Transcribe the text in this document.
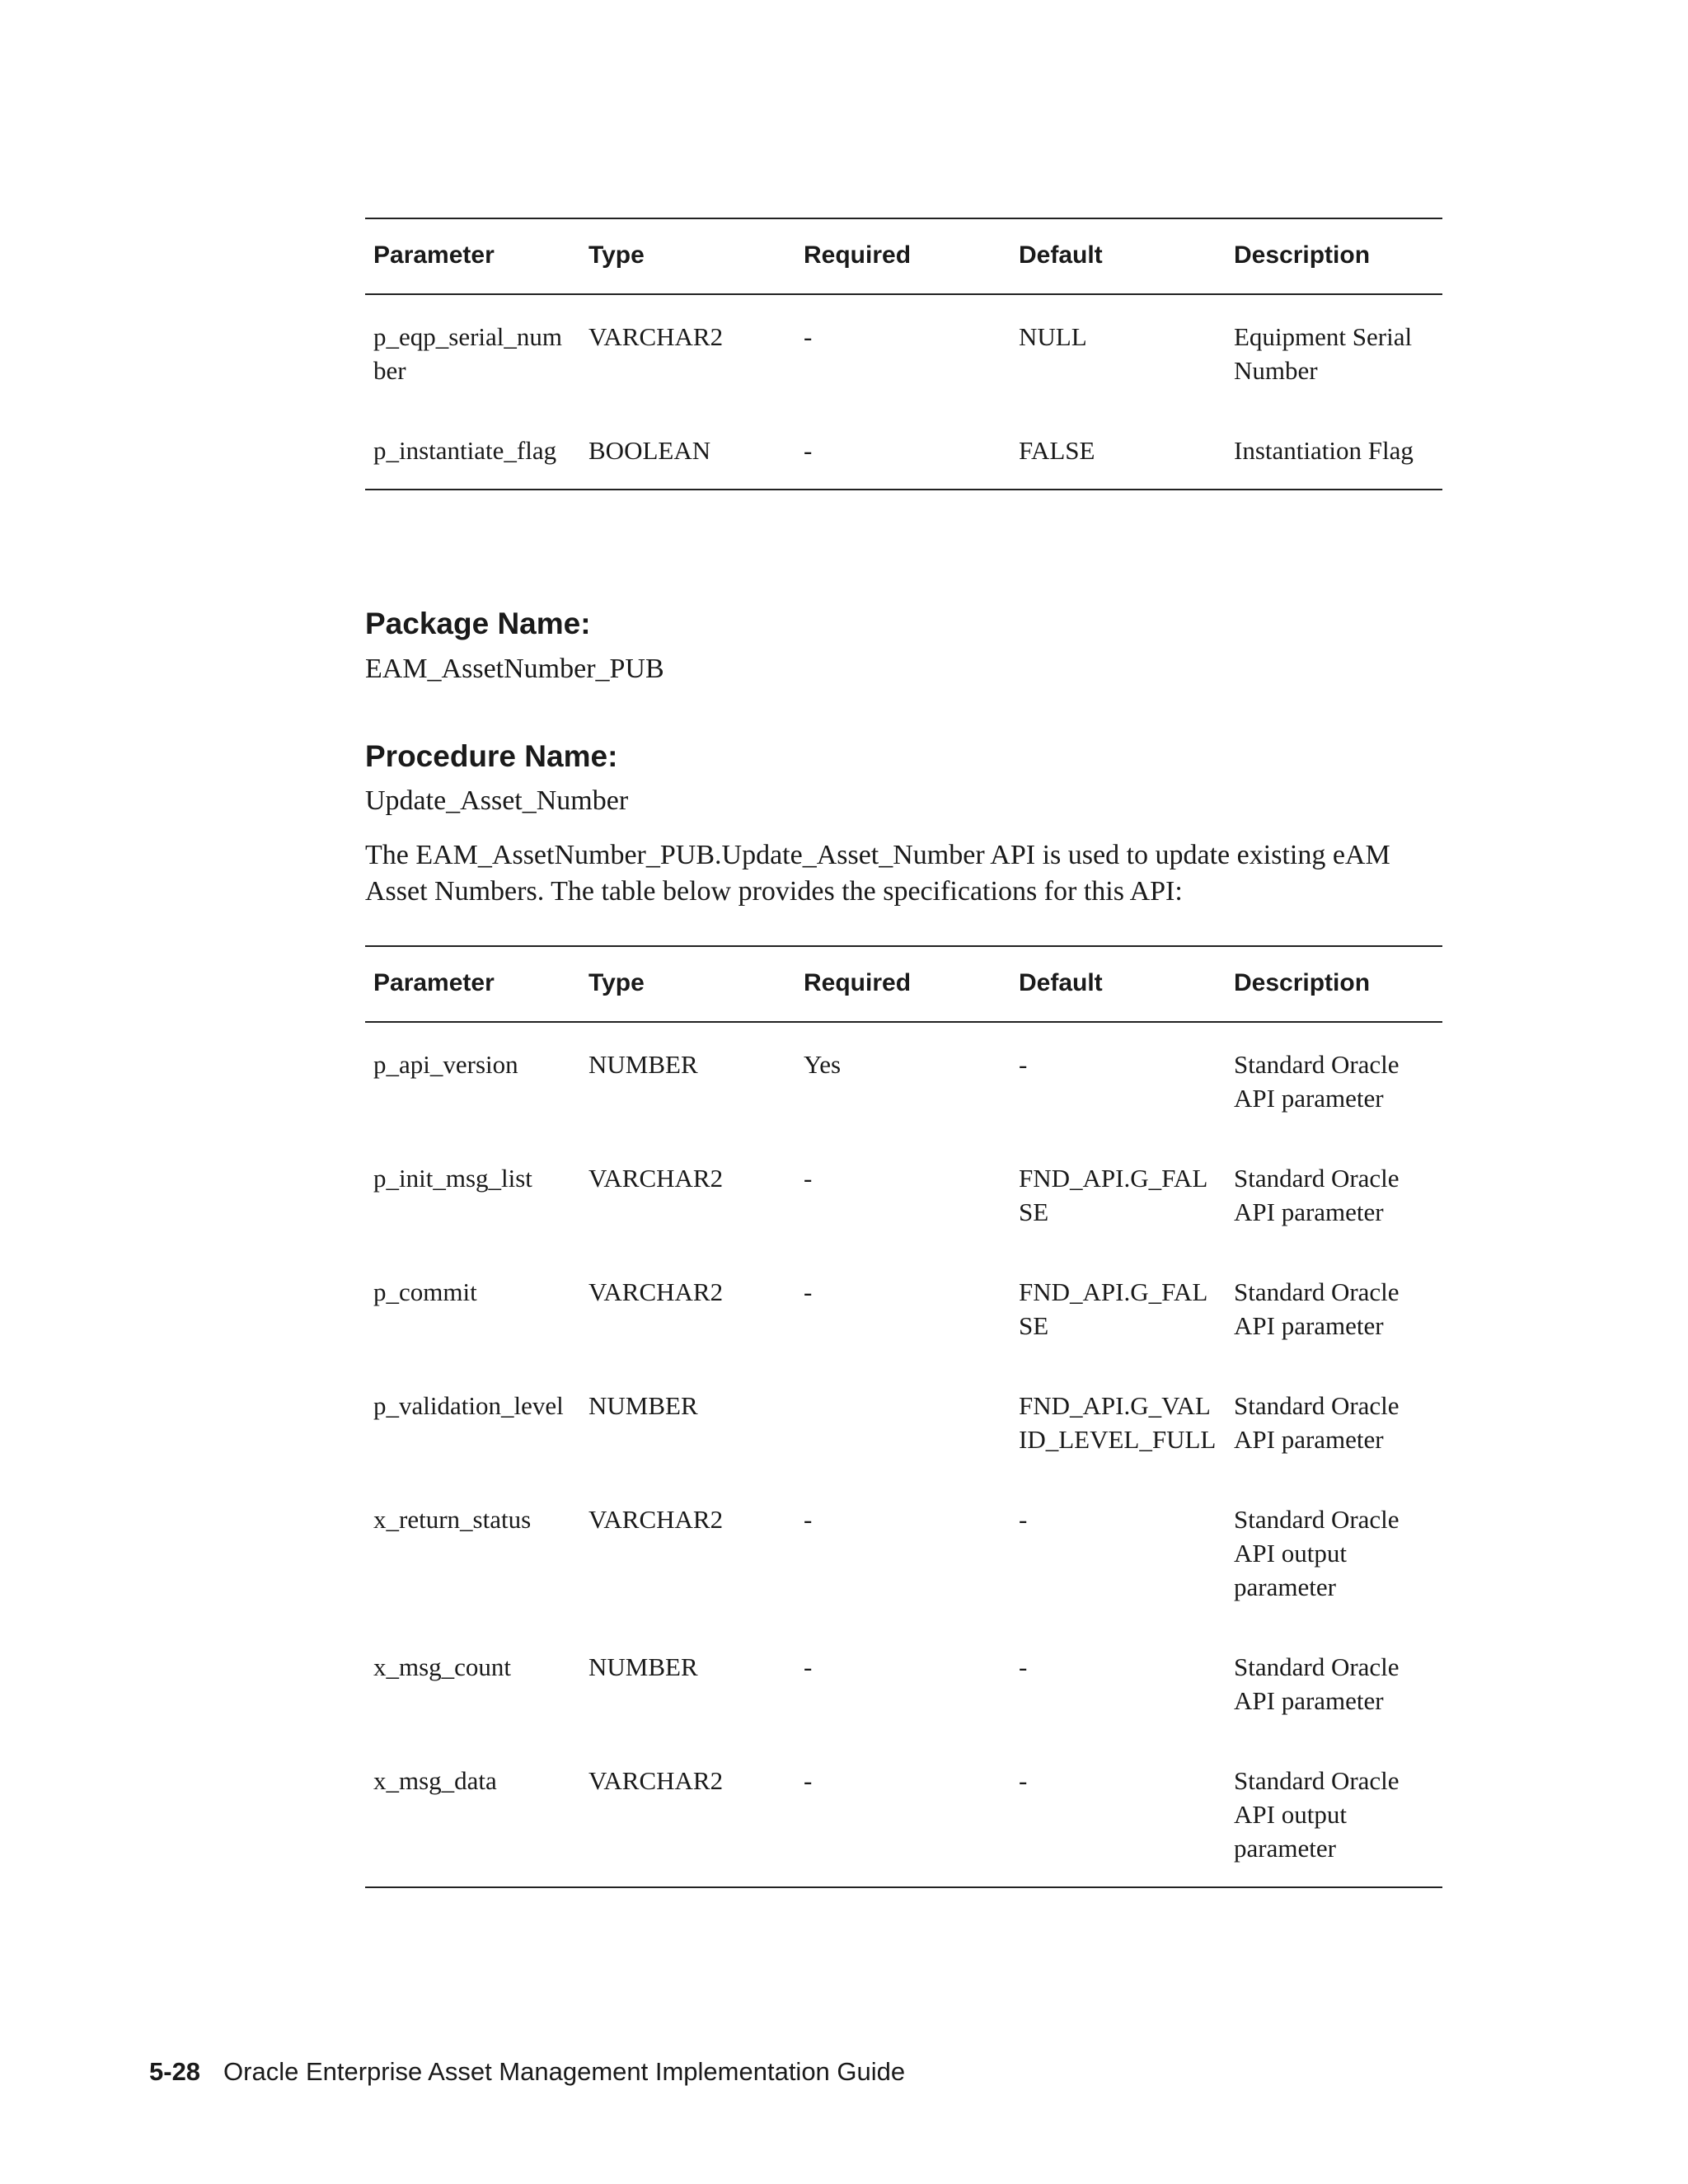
Parameter	Type	Required	Default	Description
p_eqp_serial_number	VARCHAR2	-	NULL	Equipment Serial Number
p_instantiate_flag	BOOLEAN	-	FALSE	Instantiation Flag
Package Name:

EAM_AssetNumber_PUB

Procedure Name:

Update_Asset_Number

The EAM_AssetNumber_PUB.Update_Asset_Number API is used to update existing eAM Asset Numbers. The table below provides the specifications for this API:

Parameter	Type	Required	Default	Description
p_api_version	NUMBER	Yes	-	Standard Oracle API parameter
p_init_msg_list	VARCHAR2	-	FND_API.G_FALSE	Standard Oracle API parameter
p_commit	VARCHAR2	-	FND_API.G_FALSE	Standard Oracle API parameter
p_validation_level	NUMBER		FND_API.G_VALID_LEVEL_FULL	Standard Oracle API parameter
x_return_status	VARCHAR2	-	-	Standard Oracle API output parameter
x_msg_count	NUMBER	-	-	Standard Oracle API parameter
x_msg_data	VARCHAR2	-	-	Standard Oracle API output parameter
5-28 Oracle Enterprise Asset Management Implementation Guide
